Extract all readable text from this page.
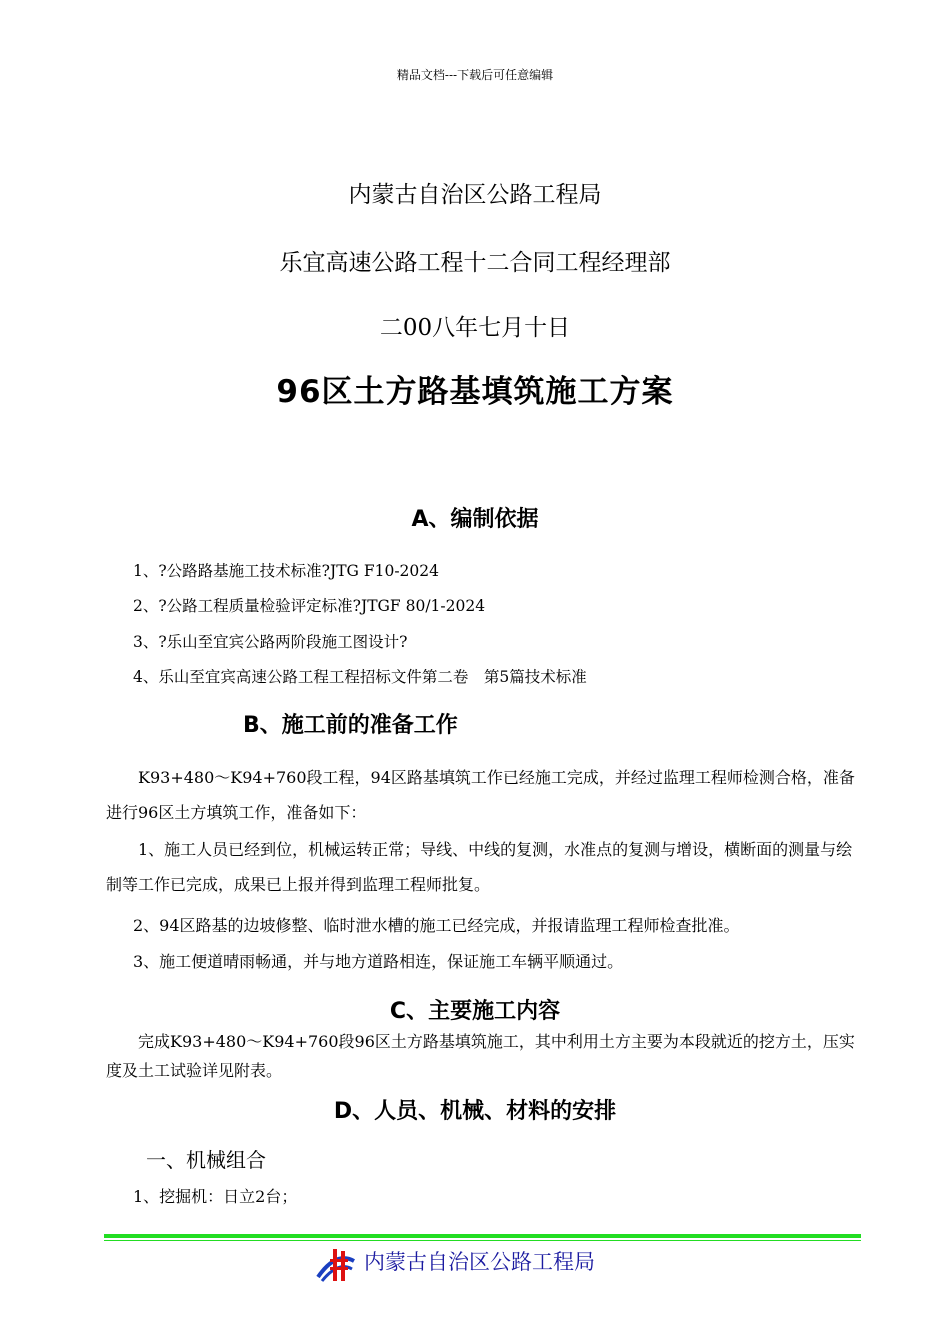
精品文档---下载后可任意编辑
内蒙古自治区公路工程局
乐宜高速公路工程十二合同工程经理部
二00八年七月十日
96区土方路基填筑施工方案
A、编制依据
1、?公路路基施工技术标准?JTG F10-2024
2、?公路工程质量检验评定标准?JTGF 80/1-2024
3、?乐山至宜宾公路两阶段施工图设计?
4、乐山至宜宾高速公路工程工程招标文件第二卷　第5篇技术标准
B、施工前的准备工作
K93+480～K94+760段工程，94区路基填筑工作已经施工完成，并经过监理工程师检测合格，准备进行96区土方填筑工作，准备如下：
1、施工人员已经到位，机械运转正常；导线、中线的复测，水准点的复测与增设，横断面的测量与绘制等工作已完成，成果已上报并得到监理工程师批复。
2、94区路基的边坡修整、临时泄水槽的施工已经完成，并报请监理工程师检查批准。
3、施工便道晴雨畅通，并与地方道路相连，保证施工车辆平顺通过。
C、主要施工内容
完成K93+480～K94+760段96区土方路基填筑施工，其中利用土方主要为本段就近的挖方土，压实度及土工试验详见附表。
D、人员、机械、材料的安排
一、机械组合
1、挖掘机：日立2台；
内蒙古自治区公路工程局
